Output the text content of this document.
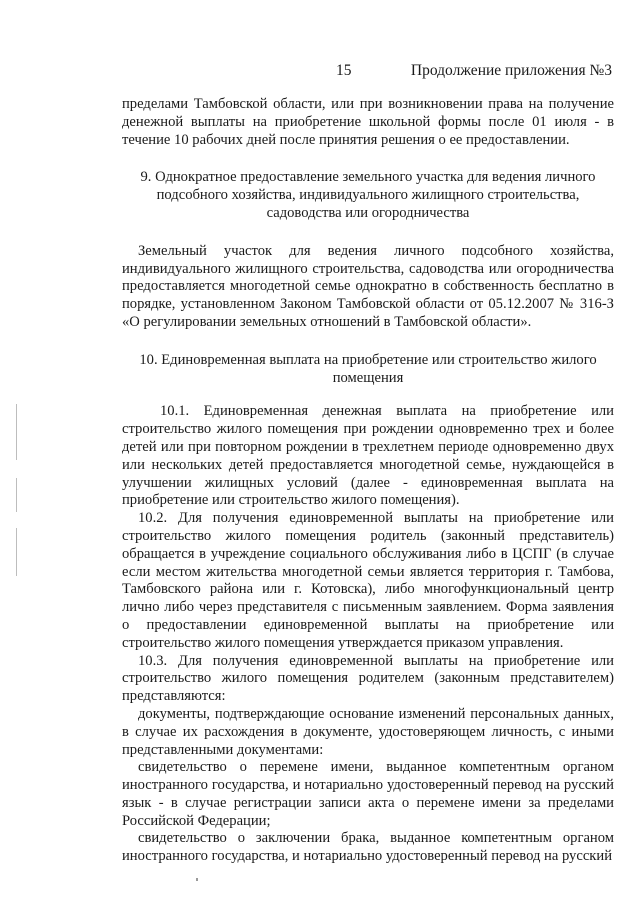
15	Продолжение приложения №3

пределами Тамбовской области, или при возникновении права на получение денежной выплаты на приобретение школьной формы после 01 июля - в течение 10 рабочих дней после принятия решения о ее предоставлении.

9. Однократное предоставление земельного участка для ведения личного подсобного хозяйства, индивидуального жилищного строительства, садоводства или огородничества

Земельный участок для ведения личного подсобного хозяйства, индивидуального жилищного строительства, садоводства или огородничества предоставляется многодетной семье однократно в собственность бесплатно в порядке, установленном Законом Тамбовской области от 05.12.2007 № 316-З «О регулировании земельных отношений в Тамбовской области».

10. Единовременная выплата на приобретение или строительство жилого помещения

10.1. Единовременная денежная выплата на приобретение или строительство жилого помещения при рождении одновременно трех и более детей или при повторном рождении в трехлетнем периоде одновременно двух или нескольких детей предоставляется многодетной семье, нуждающейся в улучшении жилищных условий (далее - единовременная выплата на приобретение или строительство жилого помещения).

10.2. Для получения единовременной выплаты на приобретение или строительство жилого помещения родитель (законный представитель) обращается в учреждение социального обслуживания либо в ЦСПГ (в случае если местом жительства многодетной семьи является территория г. Тамбова, Тамбовского района или г. Котовска), либо многофункциональный центр лично либо через представителя с письменным заявлением. Форма заявления о предоставлении единовременной выплаты на приобретение или строительство жилого помещения утверждается приказом управления.

10.3. Для получения единовременной выплаты на приобретение или строительство жилого помещения родителем (законным представителем) представляются:

документы, подтверждающие основание изменений персональных данных, в случае их расхождения в документе, удостоверяющем личность, с иными представленными документами:

свидетельство о перемене имени, выданное компетентным органом иностранного государства, и нотариально удостоверенный перевод на русский язык - в случае регистрации записи акта о перемене имени за пределами Российской Федерации;

свидетельство о заключении брака, выданное компетентным органом иностранного государства, и нотариально удостоверенный перевод на русский
